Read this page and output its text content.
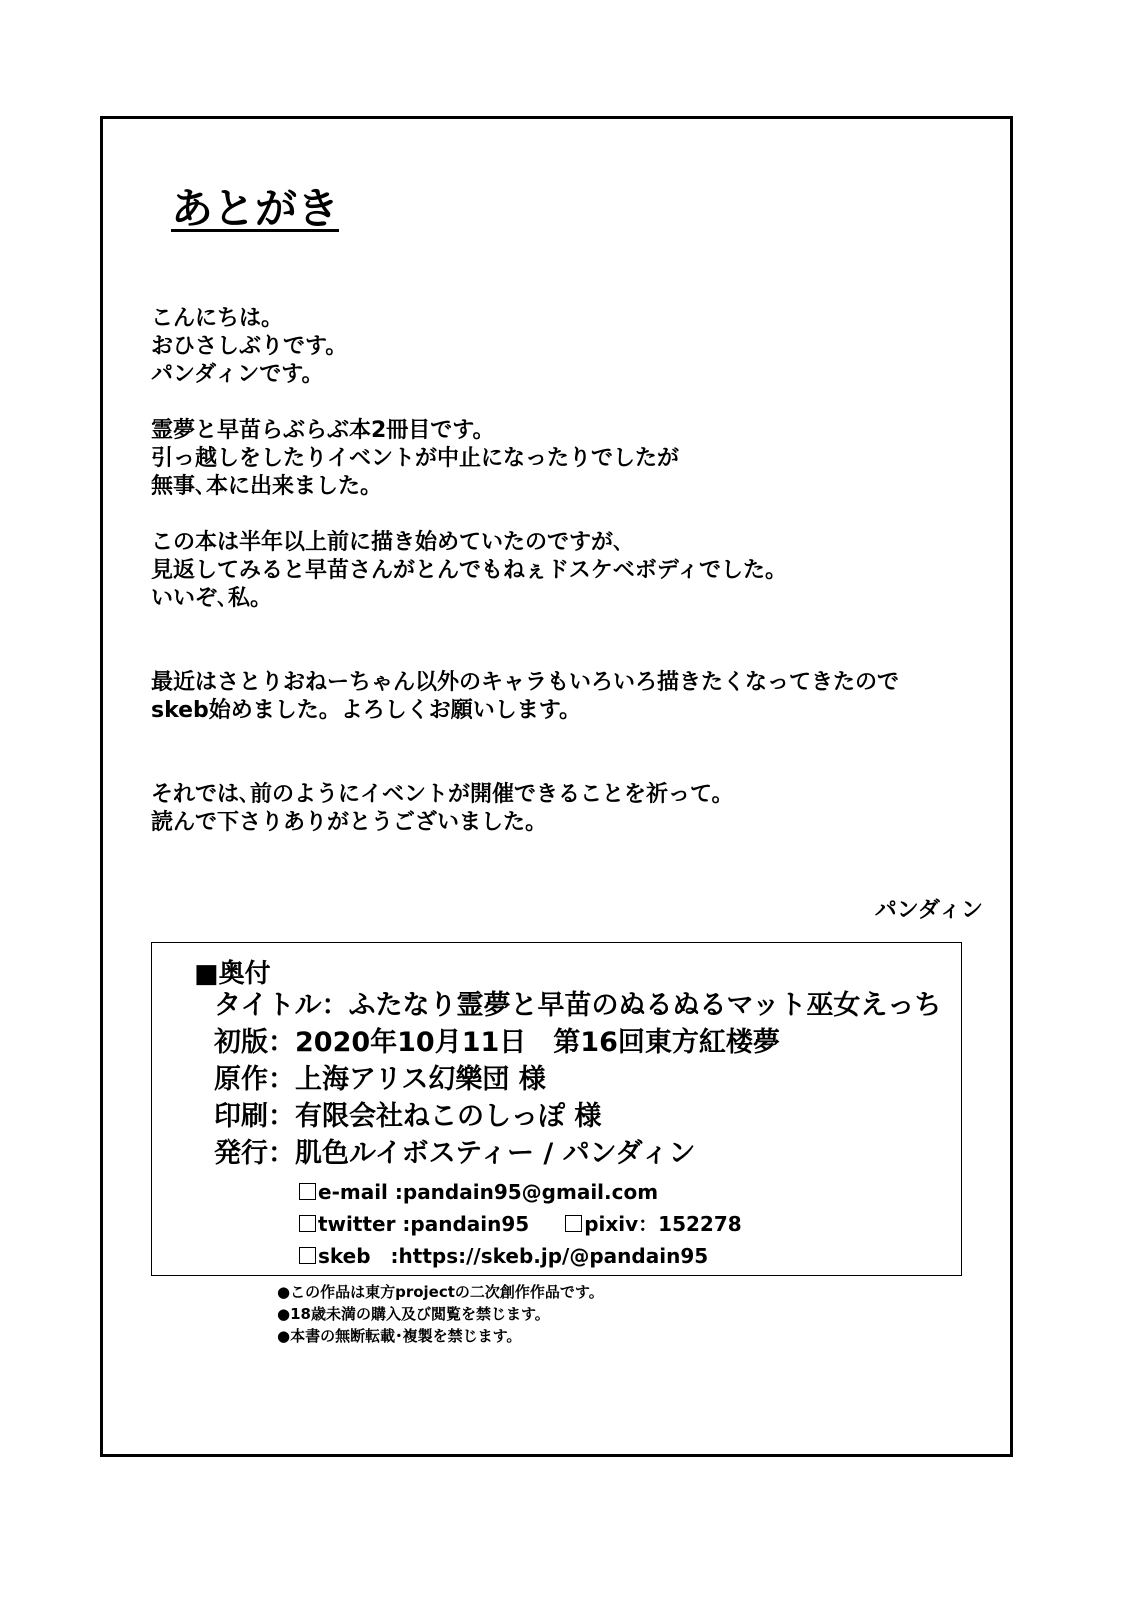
あとがき

こんにちは。
おひさしぶりです。
パンダィンです。

霊夢と早苗らぶらぶ本2冊目です。
引っ越しをしたりイベントが中止になったりでしたが
無事､本に出来ました。

この本は半年以上前に描き始めていたのですが､
見返してみると早苗さんがとんでもねぇドスケベボディでした。
いいぞ､私。

最近はさとりおねーちゃん以外のキャラもいろいろ描きたくなってきたので
skeb始めました。よろしくお願いします。

それでは､前のようにイベントが開催できることを祈って。
読んで下さりありがとうございました。

パンダィン
■奥付
タイトル：ふたなり霊夢と早苗のぬるぬるマット巫女えっち
初版：2020年10月11日　第16回東方紅楼夢
原作：上海アリス幻樂団 様
印刷：有限会社ねこのしっぽ 様
発行：肌色ルイボスティー / パンダィン
e-mail :pandain95@gmail.com
twitter :pandain95	pixiv：152278
skeb　:https://skeb.jp/@pandain95
●この作品は東方projectの二次創作作品です。
●18歳未満の購入及び閲覧を禁じます。
●本書の無断転載･複製を禁じます。
